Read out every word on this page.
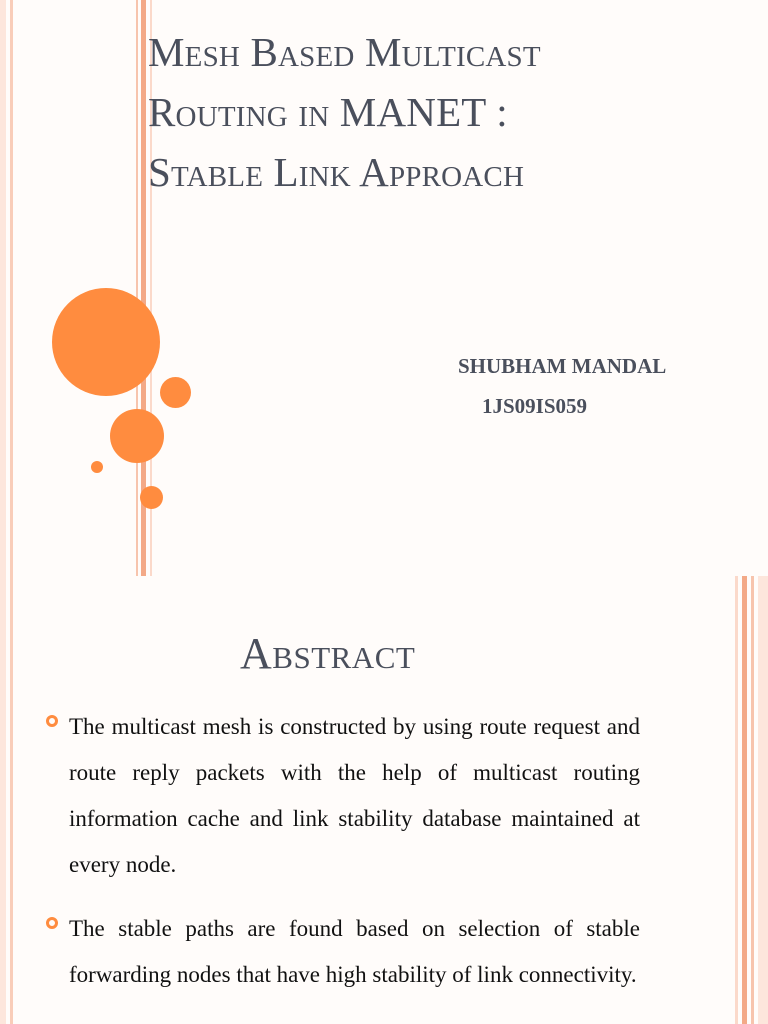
Mesh Based Multicast
Routing in MANET :
Stable Link Approach
SHUBHAM MANDAL
1JS09IS059
Abstract
The multicast mesh is constructed by using route request and route reply packets with the help of multicast routing information cache and link stability database maintained at every node.
The stable paths are found based on selection of stable forwarding nodes that have high stability of link connectivity.
